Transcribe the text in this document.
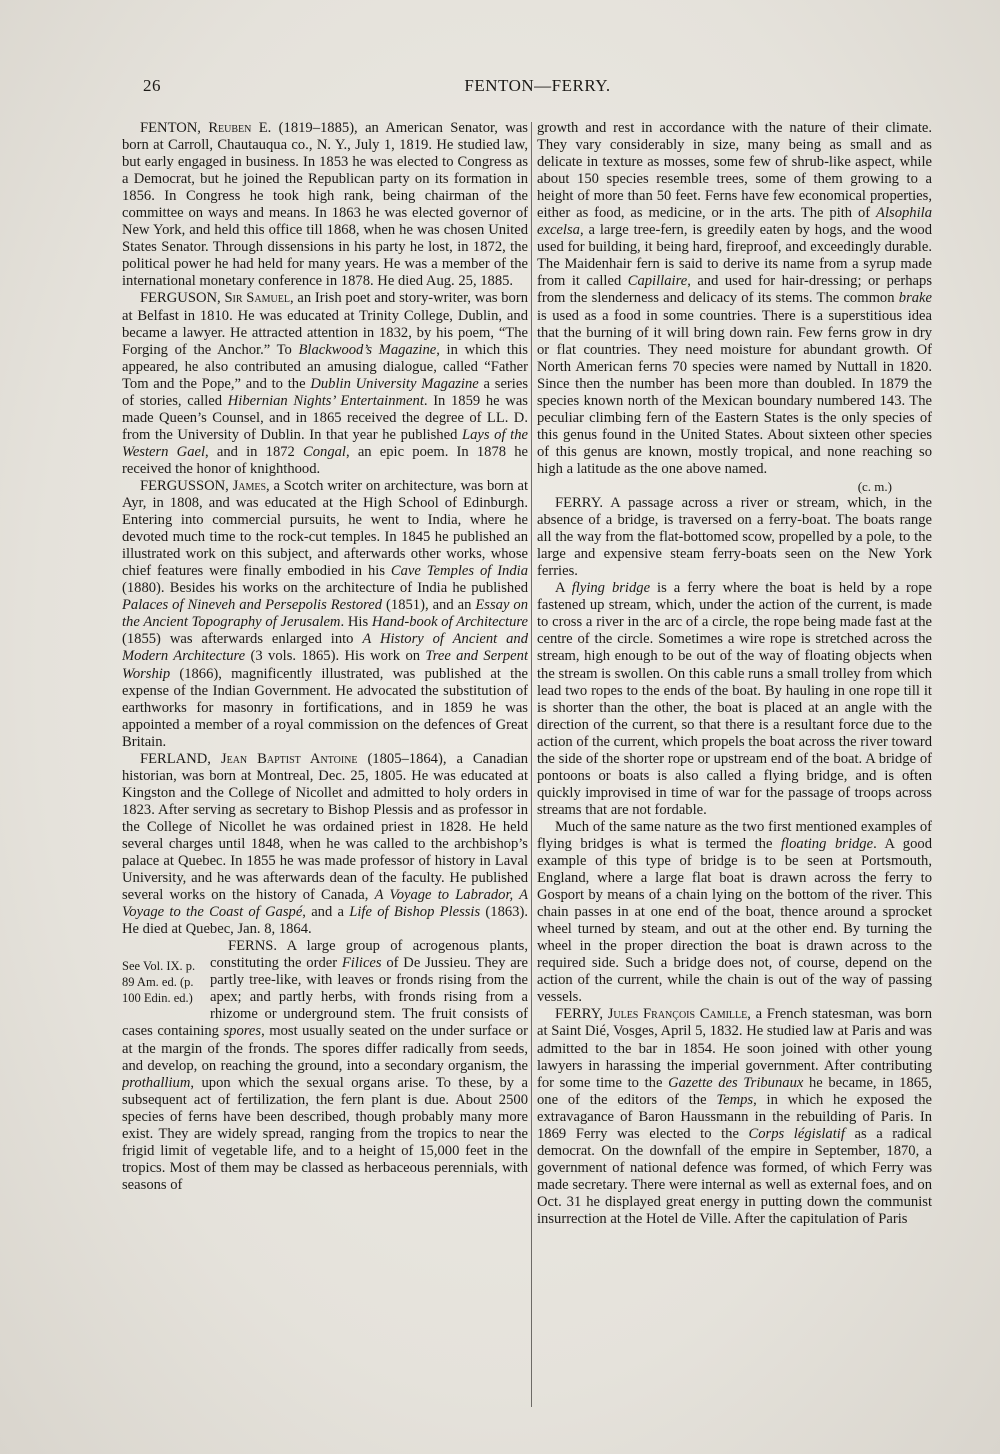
26	FENTON—FERRY.

FENTON, Reuben E. (1819–1885), an American Senator, was born at Carroll, Chautauqua co., N. Y., July 1, 1819. He studied law, but early engaged in business. In 1853 he was elected to Congress as a Democrat, but he joined the Republican party on its formation in 1856. In Congress he took high rank, being chairman of the committee on ways and means. In 1863 he was elected governor of New York, and held this office till 1868, when he was chosen United States Senator. Through dissensions in his party he lost, in 1872, the political power he had held for many years. He was a member of the international monetary conference in 1878. He died Aug. 25, 1885.

FERGUSON, Sir Samuel, an Irish poet and story-writer, was born at Belfast in 1810. He was educated at Trinity College, Dublin, and became a lawyer. He attracted attention in 1832, by his poem, “The Forging of the Anchor.” To Blackwood’s Magazine, in which this appeared, he also contributed an amusing dialogue, called “Father Tom and the Pope,” and to the Dublin University Magazine a series of stories, called Hibernian Nights’ Entertainment. In 1859 he was made Queen’s Counsel, and in 1865 received the degree of LL. D. from the University of Dublin. In that year he published Lays of the Western Gael, and in 1872 Congal, an epic poem. In 1878 he received the honor of knighthood.

FERGUSSON, James, a Scotch writer on architecture, was born at Ayr, in 1808, and was educated at the High School of Edinburgh. Entering into commercial pursuits, he went to India, where he devoted much time to the rock-cut temples. In 1845 he published an illustrated work on this subject, and afterwards other works, whose chief features were finally embodied in his Cave Temples of India (1880). Besides his works on the architecture of India he published Palaces of Nineveh and Persepolis Restored (1851), and an Essay on the Ancient Topography of Jerusalem. His Hand-book of Architecture (1855) was afterwards enlarged into A History of Ancient and Modern Architecture (3 vols. 1865). His work on Tree and Serpent Worship (1866), magnificently illustrated, was published at the expense of the Indian Government. He advocated the substitution of earthworks for masonry in fortifications, and in 1859 he was appointed a member of a royal commission on the defences of Great Britain.

FERLAND, Jean Baptist Antoine (1805–1864), a Canadian historian, was born at Montreal, Dec. 25, 1805. He was educated at Kingston and the College of Nicollet and admitted to holy orders in 1823. After serving as secretary to Bishop Plessis and as professor in the College of Nicollet he was ordained priest in 1828. He held several charges until 1848, when he was called to the archbishop’s palace at Quebec. In 1855 he was made professor of history in Laval University, and he was afterwards dean of the faculty. He published several works on the history of Canada, A Voyage to Labrador, A Voyage to the Coast of Gaspé, and a Life of Bishop Plessis (1863). He died at Quebec, Jan. 8, 1864.

FERNS.
See Vol. IX. p. 89 Am. ed. (p. 100 Edin. ed.)
A large group of acrogenous plants, constituting the order Filices of De Jussieu. They are partly tree-like, with leaves or fronds rising from the apex; and partly herbs, with fronds rising from a rhizome or underground stem. The fruit consists of cases containing spores, most usually seated on the under surface or at the margin of the fronds. The spores differ radically from seeds, and develop, on reaching the ground, into a secondary organism, the prothallium, upon which the sexual organs arise. To these, by a subsequent act of fertilization, the fern plant is due. About 2500 species of ferns have been described, though probably many more exist. They are widely spread, ranging from the tropics to near the frigid limit of vegetable life, and to a height of 15,000 feet in the tropics. Most of them may be classed as herbaceous perennials, with seasons of

growth and rest in accordance with the nature of their climate. They vary considerably in size, many being as small and as delicate in texture as mosses, some few of shrub-like aspect, while about 150 species resemble trees, some of them growing to a height of more than 50 feet. Ferns have few economical properties, either as food, as medicine, or in the arts. The pith of Alsophila excelsa, a large tree-fern, is greedily eaten by hogs, and the wood used for building, it being hard, fireproof, and exceedingly durable. The Maidenhair fern is said to derive its name from a syrup made from it called Capillaire, and used for hair-dressing; or perhaps from the slenderness and delicacy of its stems. The common brake is used as a food in some countries. There is a superstitious idea that the burning of it will bring down rain. Few ferns grow in dry or flat countries. They need moisture for abundant growth. Of North American ferns 70 species were named by Nuttall in 1820. Since then the number has been more than doubled. In 1879 the species known north of the Mexican boundary numbered 143. The peculiar climbing fern of the Eastern States is the only species of this genus found in the United States. About sixteen other species of this genus are known, mostly tropical, and none reaching so high a latitude as the one above named.

(c. m.)

FERRY. A passage across a river or stream, which, in the absence of a bridge, is traversed on a ferry-boat. The boats range all the way from the flat-bottomed scow, propelled by a pole, to the large and expensive steam ferry-boats seen on the New York ferries.

A flying bridge is a ferry where the boat is held by a rope fastened up stream, which, under the action of the current, is made to cross a river in the arc of a circle, the rope being made fast at the centre of the circle. Sometimes a wire rope is stretched across the stream, high enough to be out of the way of floating objects when the stream is swollen. On this cable runs a small trolley from which lead two ropes to the ends of the boat. By hauling in one rope till it is shorter than the other, the boat is placed at an angle with the direction of the current, so that there is a resultant force due to the action of the current, which propels the boat across the river toward the side of the shorter rope or upstream end of the boat. A bridge of pontoons or boats is also called a flying bridge, and is often quickly improvised in time of war for the passage of troops across streams that are not fordable.

Much of the same nature as the two first mentioned examples of flying bridges is what is termed the floating bridge. A good example of this type of bridge is to be seen at Portsmouth, England, where a large flat boat is drawn across the ferry to Gosport by means of a chain lying on the bottom of the river. This chain passes in at one end of the boat, thence around a sprocket wheel turned by steam, and out at the other end. By turning the wheel in the proper direction the boat is drawn across to the required side. Such a bridge does not, of course, depend on the action of the current, while the chain is out of the way of passing vessels.

FERRY, Jules François Camille, a French statesman, was born at Saint Dié, Vosges, April 5, 1832. He studied law at Paris and was admitted to the bar in 1854. He soon joined with other young lawyers in harassing the imperial government. After contributing for some time to the Gazette des Tribunaux he became, in 1865, one of the editors of the Temps, in which he exposed the extravagance of Baron Haussmann in the rebuilding of Paris. In 1869 Ferry was elected to the Corps législatif as a radical democrat. On the downfall of the empire in September, 1870, a government of national defence was formed, of which Ferry was made secretary. There were internal as well as external foes, and on Oct. 31 he displayed great energy in putting down the communist insurrection at the Hotel de Ville. After the capitulation of Paris
